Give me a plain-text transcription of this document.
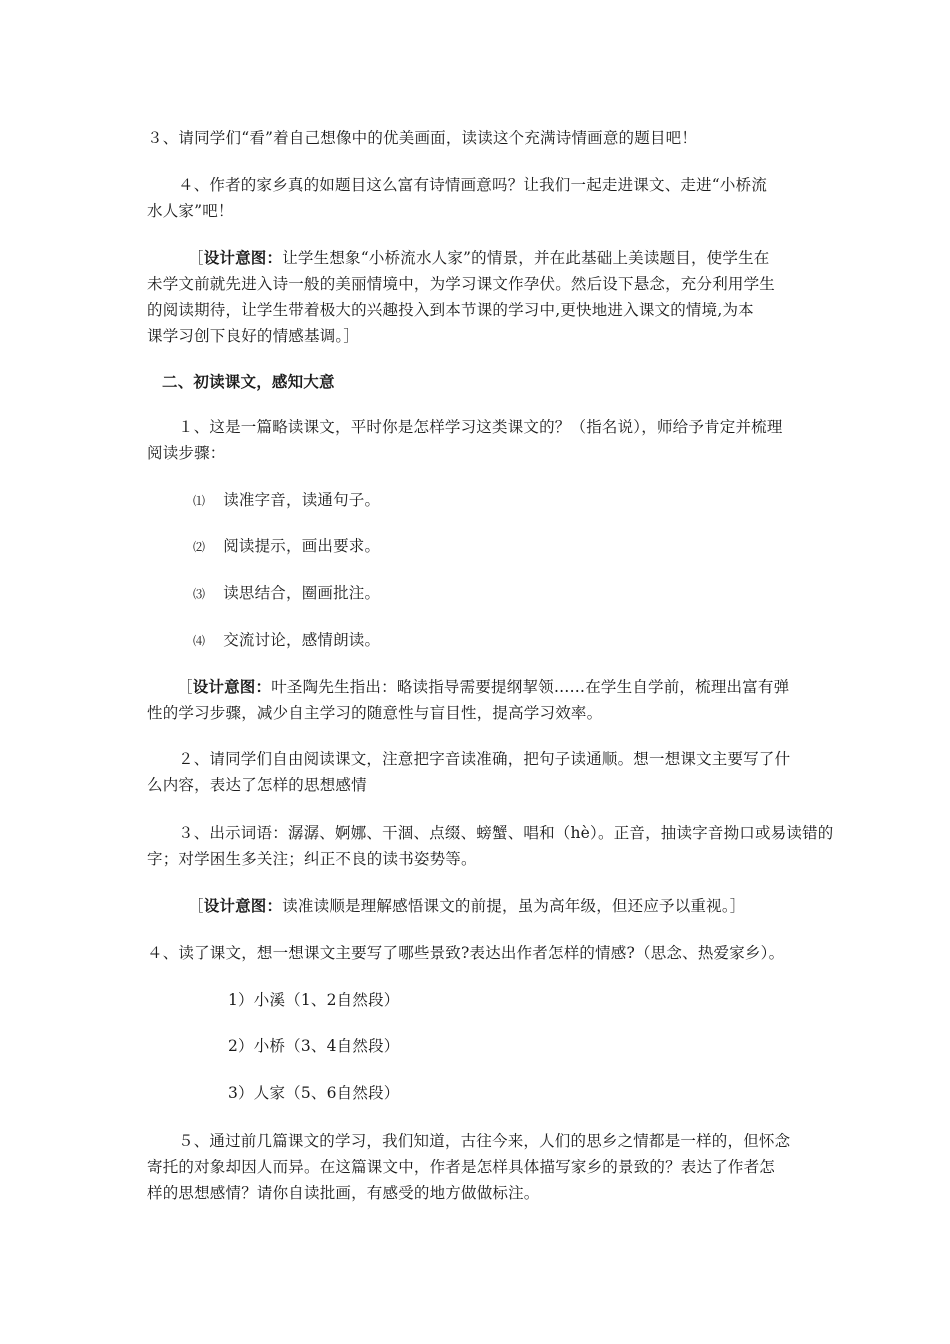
３、请同学们“看”着自己想像中的优美画面，读读这个充满诗情画意的题目吧！
４、作者的家乡真的如题目这么富有诗情画意吗？让我们一起走进课文、走进“小桥流
水人家”吧！
［设计意图：让学生想象“小桥流水人家”的情景，并在此基础上美读题目，使学生在
未学文前就先进入诗一般的美丽情境中，为学习课文作孕伏。然后设下悬念，充分利用学生
的阅读期待，让学生带着极大的兴趣投入到本节课的学习中,更快地进入课文的情境,为本
课学习创下良好的情感基调。］
二、初读课文，感知大意
１、这是一篇略读课文，平时你是怎样学习这类课文的？（指名说），师给予肯定并梳理
阅读步骤：
⑴ 读准字音，读通句子。
⑵ 阅读提示，画出要求。
⑶ 读思结合，圈画批注。
⑷ 交流讨论，感情朗读。
［设计意图：叶圣陶先生指出：略读指导需要提纲挈领……在学生自学前，梳理出富有弹
性的学习步骤，减少自主学习的随意性与盲目性，提高学习效率。
２、请同学们自由阅读课文，注意把字音读准确，把句子读通顺。想一想课文主要写了什
么内容，表达了怎样的思想感情
３、出示词语：潺潺、婀娜、干涸、点缀、螃蟹、唱和（hè）。正音，抽读字音拗口或易读错的
字；对学困生多关注；纠正不良的读书姿势等。
［设计意图：读准读顺是理解感悟课文的前提，虽为高年级，但还应予以重视。］
４、读了课文，想一想课文主要写了哪些景致?表达出作者怎样的情感?（思念、热爱家乡）。
1）小溪（1、2自然段）
2）小桥（3、4自然段）
3）人家（5、6自然段）
５、通过前几篇课文的学习，我们知道，古往今来，人们的思乡之情都是一样的，但怀念
寄托的对象却因人而异。在这篇课文中，作者是怎样具体描写家乡的景致的？表达了作者怎
样的思想感情？请你自读批画，有感受的地方做做标注。
